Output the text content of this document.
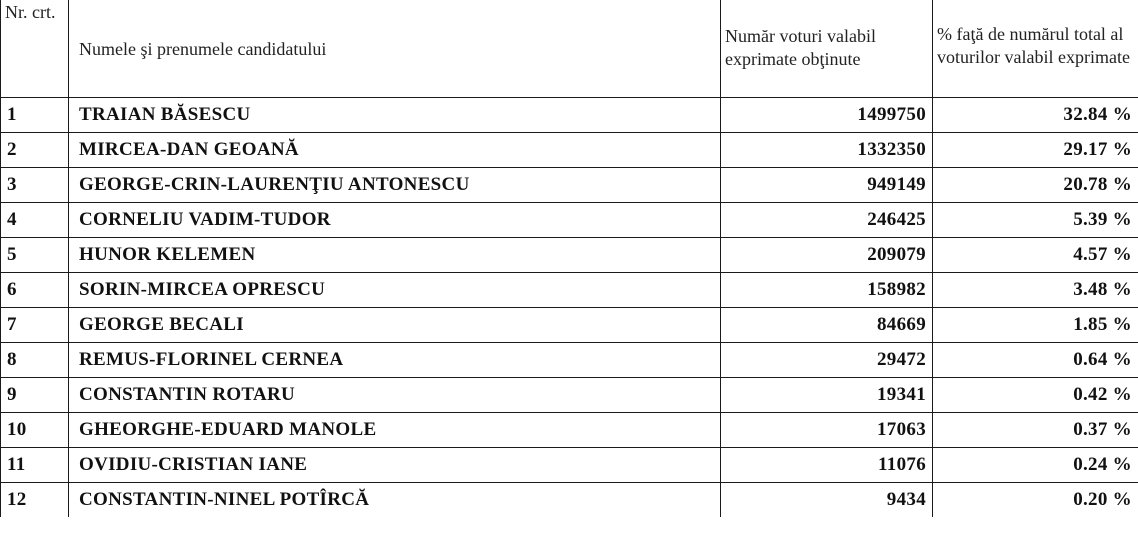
Nr. crt.	Numele şi prenumele candidatului	Număr voturi valabil exprimate obţinute	% faţă de numărul total al voturilor valabil exprimate
1	TRAIAN BĂSESCU	1499750	32.84 %
2	MIRCEA-DAN GEOANĂ	1332350	29.17 %
3	GEORGE-CRIN-LAURENŢIU ANTONESCU	949149	20.78 %
4	CORNELIU VADIM-TUDOR	246425	5.39 %
5	HUNOR KELEMEN	209079	4.57 %
6	SORIN-MIRCEA OPRESCU	158982	3.48 %
7	GEORGE BECALI	84669	1.85 %
8	REMUS-FLORINEL CERNEA	29472	0.64 %
9	CONSTANTIN ROTARU	19341	0.42 %
10	GHEORGHE-EDUARD MANOLE	17063	0.37 %
11	OVIDIU-CRISTIAN IANE	11076	0.24 %
12	CONSTANTIN-NINEL POTÎRCĂ	9434	0.20 %
